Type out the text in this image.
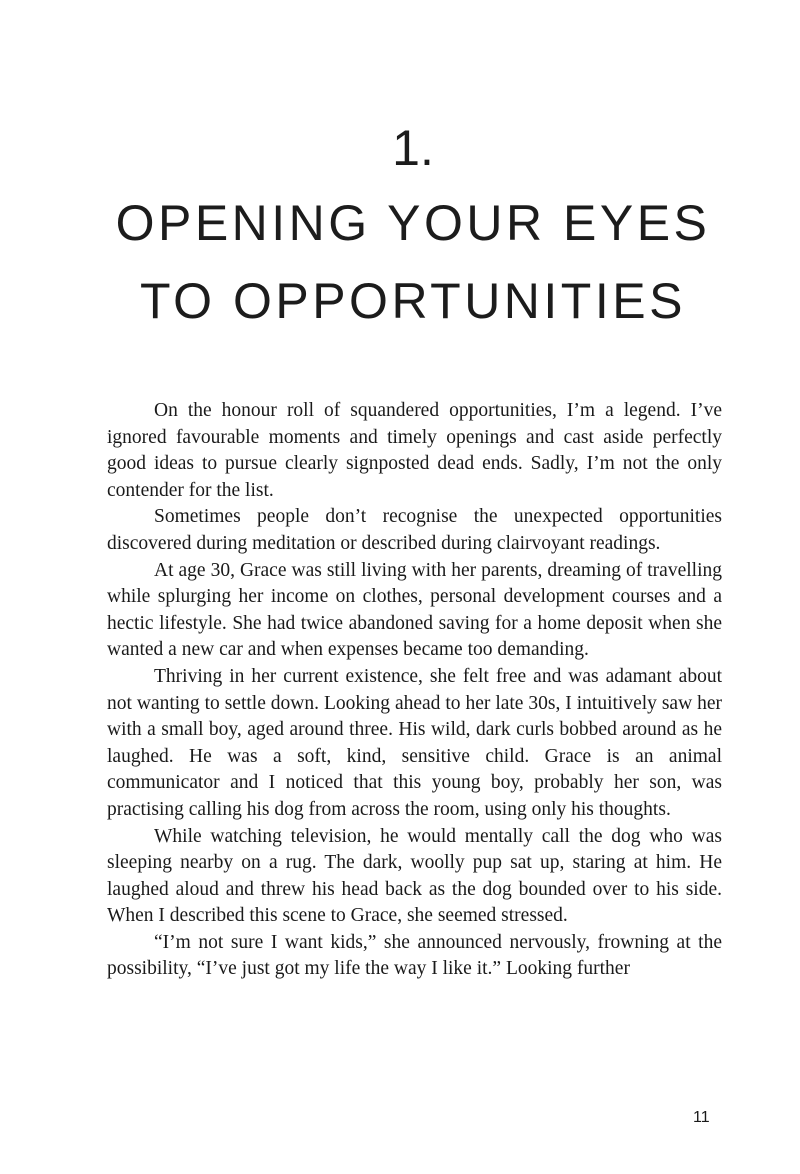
1.
OPENING YOUR EYES
TO OPPORTUNITIES

On the honour roll of squandered opportunities, I’m a legend. I’ve ignored favourable moments and timely openings and cast aside perfectly good ideas to pursue clearly signposted dead ends. Sadly, I’m not the only contender for the list.

Sometimes people don’t recognise the unexpected opportunities discovered during meditation or described during clairvoyant readings.

At age 30, Grace was still living with her parents, dreaming of travelling while splurging her income on clothes, personal development courses and a hectic lifestyle. She had twice abandoned saving for a home deposit when she wanted a new car and when expenses became too demanding.

Thriving in her current existence, she felt free and was adamant about not wanting to settle down. Looking ahead to her late 30s, I intuitively saw her with a small boy, aged around three. His wild, dark curls bobbed around as he laughed. He was a soft, kind, sensitive child. Grace is an animal communicator and I noticed that this young boy, probably her son, was practising calling his dog from across the room, using only his thoughts.

While watching television, he would mentally call the dog who was sleeping nearby on a rug. The dark, woolly pup sat up, staring at him. He laughed aloud and threw his head back as the dog bounded over to his side. When I described this scene to Grace, she seemed stressed.

“I’m not sure I want kids,” she announced nervously, frowning at the possibility, “I’ve just got my life the way I like it.” Looking further

11
